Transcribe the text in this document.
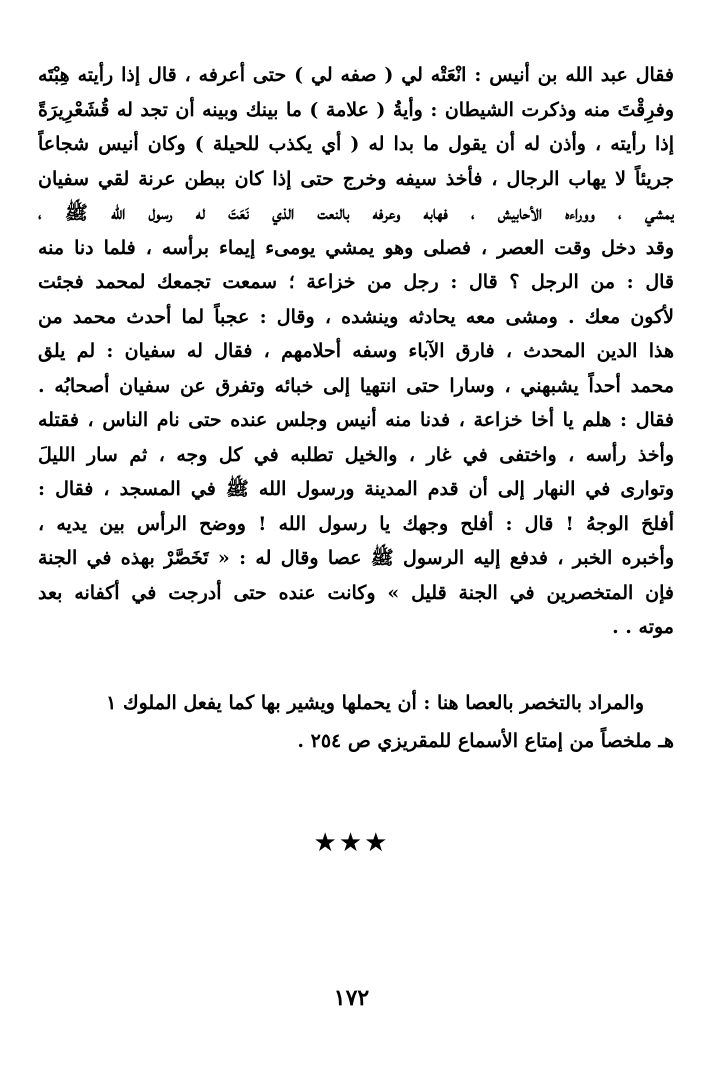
فقال عبد الله بن أنيس : انْعَتْه لي ( صفه لي ) حتى أعرفه ، قال إذا رأيته هِبْتَه
وفرِقْتَ منه وذكرت الشيطان : وأيةُ ( علامة ) ما بينك وبينه أن تجد له قُشَعْرِيرَةً
إذا رأيته ، وأذن له أن يقول ما بدا له ( أي يكذب للحيلة ) وكان أنيس شجاعاً
جريئاً لا يهاب الرجال ، فأخذ سيفه وخرج حتى إذا كان ببطن عرنة لقي سفيان
يمشي ، ووراءه الأحابيش ، فهابه وعرفه بالنعت الذي نَعَتَ له رسول الله ﷺ ،
وقد دخل وقت العصر ، فصلى وهو يمشي يومىء إيماء برأسه ، فلما دنا منه
قال : من الرجل ؟ قال : رجل من خزاعة ؛ سمعت تجمعك لمحمد فجئت
لأكون معك . ومشى معه يحادثه وينشده ، وقال : عجباً لما أحدث محمد من
هذا الدين المحدث ، فارق الآباء وسفه أحلامهم ، فقال له سفيان : لم يلق
محمد أحداً يشبهني ، وسارا حتى انتهيا إلى خبائه وتفرق عن سفيان أصحابُه .
فقال : هلم يا أخا خزاعة ، فدنا منه أنيس وجلس عنده حتى نام الناس ، فقتله
وأخذ رأسه ، واختفى في غار ، والخيل تطلبه في كل وجه ، ثم سار الليلَ
وتوارى في النهار إلى أن قدم المدينة ورسول الله ﷺ في المسجد ، فقال :
أفلحَ الوجهُ ! قال : أفلح وجهك يا رسول الله ! ووضح الرأس بين يديه ،
وأخبره الخبر ، فدفع إليه الرسول ﷺ عصا وقال له : « تَخَصَّرْ بهذه في الجنة
فإن المتخصرين في الجنة قليل » وكانت عنده حتى أدرجت في أكفانه بعد
موته . .
والمراد بالتخصر بالعصا هنا : أن يحملها ويشير بها كما يفعل الملوك ١
هـ ملخصاً من إمتاع الأسماع للمقريزي ص ٢٥٤ .
★★★
١٧٢
